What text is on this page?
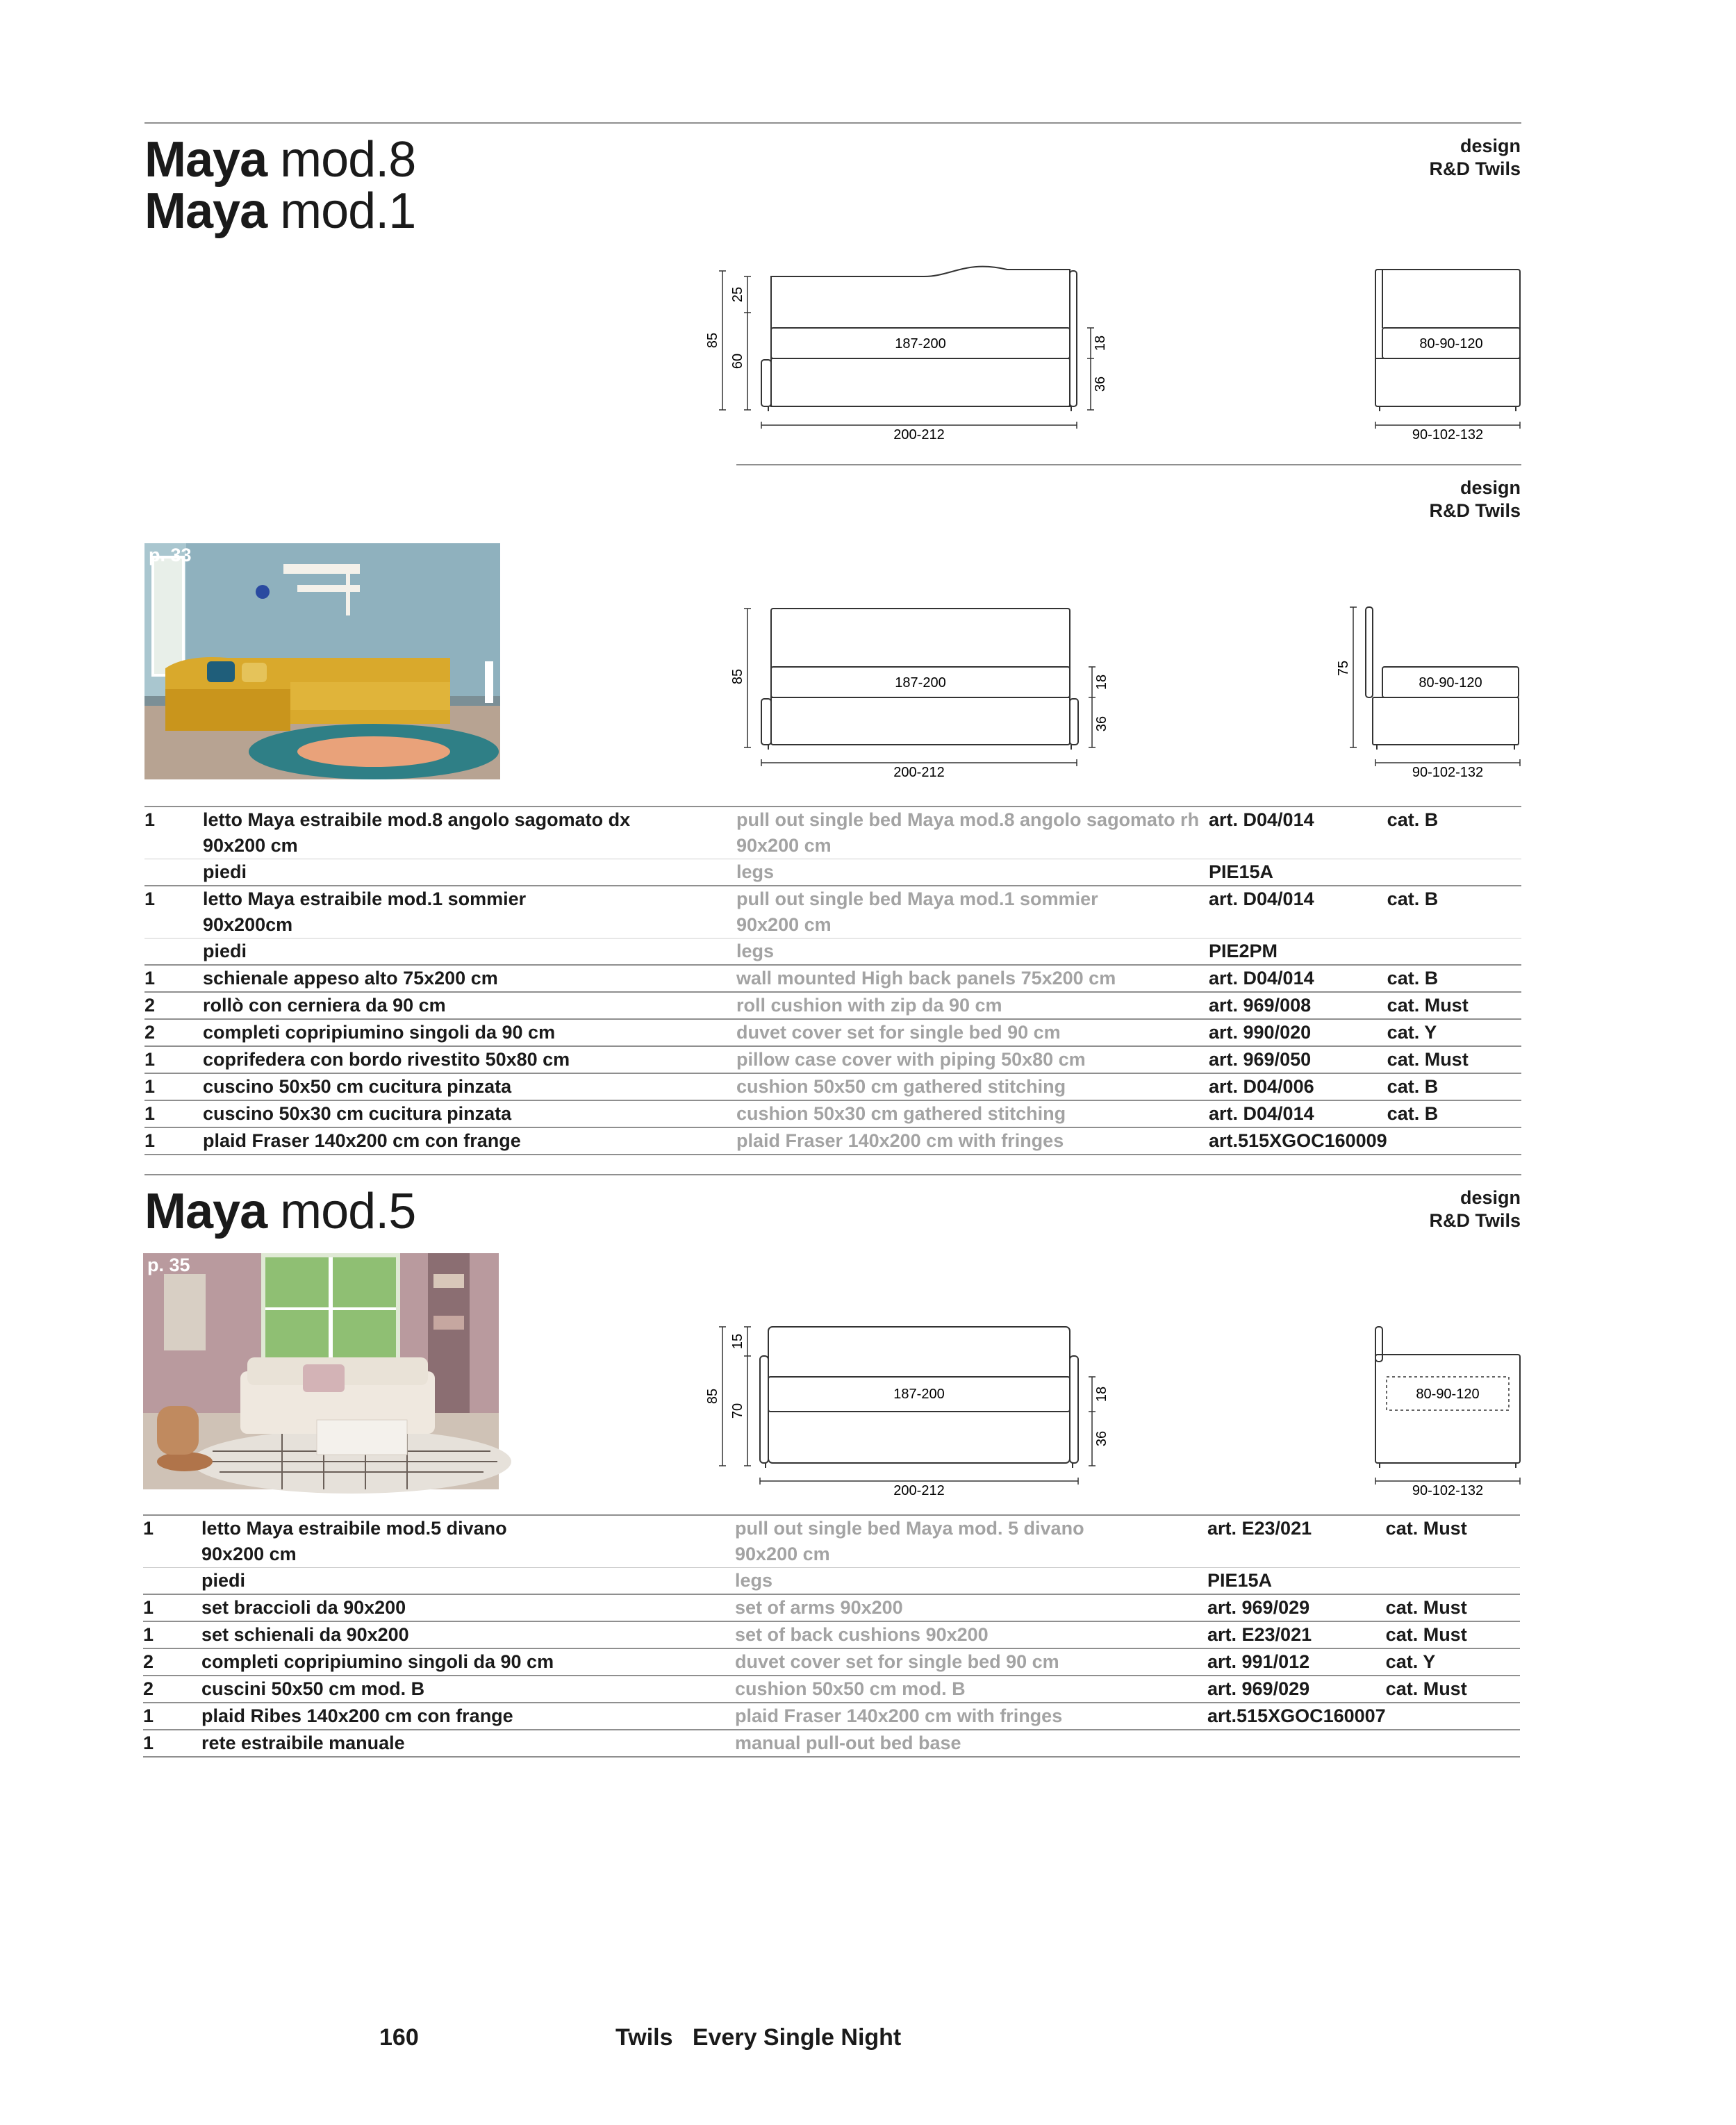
Maya mod.8
Maya mod.1
design
R&D Twils
85
25
60
187-200	18
36
200-212
80-90-120
90-102-132
design
R&D Twils
p. 33
85	187-200	18
36
200-212
75
80-90-120
90-102-132
1	letto Maya estraibile mod.8 angolo sagomato dx	pull out single bed Maya mod.8 angolo sagomato rh	art. D04/014	cat. B
	90x200 cm	90x200 cm		
	piedi	legs	PIE15A	
1	letto Maya estraibile mod.1 sommier	pull out single bed Maya mod.1 sommier	art. D04/014	cat. B
	90x200cm	90x200 cm		
	piedi	legs	PIE2PM	
1	schienale appeso alto 75x200 cm	wall mounted High back panels 75x200 cm	art. D04/014	cat. B
2	rollò con cerniera da 90 cm	roll cushion with zip da 90 cm	art. 969/008	cat. Must
2	completi copripiumino singoli da 90 cm	duvet cover set for single bed 90 cm	art. 990/020	cat. Y
1	coprifedera con bordo rivestito 50x80 cm	pillow case cover with piping 50x80 cm	art. 969/050	cat. Must
1	cuscino 50x50 cm cucitura pinzata	cushion 50x50 cm gathered stitching	art. D04/006	cat. B
1	cuscino 50x30 cm cucitura pinzata	cushion 50x30 cm gathered stitching	art. D04/014	cat. B
1	plaid Fraser 140x200 cm con frange	plaid Fraser 140x200 cm with fringes	art.515XGOC160009	
Maya mod.5	design
R&D Twils
p. 35
85
15
70
187-200	18
36
200-212
80-90-120
90-102-132
1	letto Maya estraibile mod.5 divano	pull out single bed Maya mod. 5 divano	art. E23/021	cat. Must
	90x200 cm	90x200 cm		
	piedi	legs	PIE15A	
1	set braccioli da 90x200	set of arms 90x200	art. 969/029	cat. Must
1	set schienali da 90x200	set of back cushions 90x200	art. E23/021	cat. Must
2	completi copripiumino singoli da 90 cm	duvet cover set for single bed 90 cm	art. 991/012	cat. Y
2	cuscini 50x50 cm mod. B	cushion 50x50 cm mod. B	art. 969/029	cat. Must
1	plaid Ribes 140x200 cm con frange	plaid Fraser 140x200 cm with fringes	art.515XGOC160007	
1	rete estraibile manuale	manual pull-out bed base		
160	Twils Every Single Night
